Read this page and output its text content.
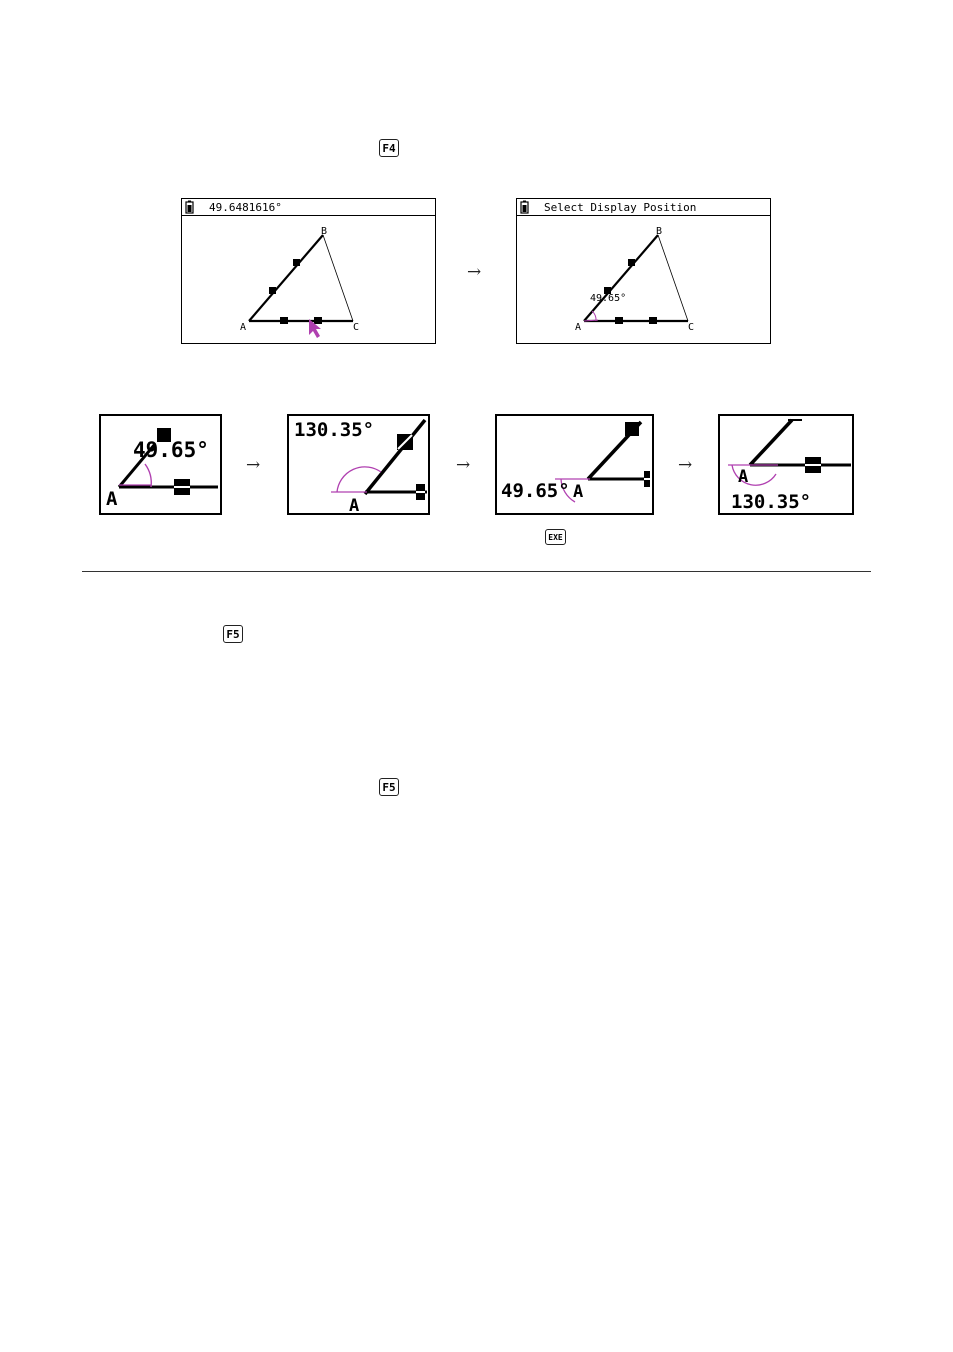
F4
49.6481616°
A
B
C
→
Select Display Position
49.65°
A
B
C
49.65°
A
→
130.35°
A
→
49.65° A
→
A
130.35°
EXE
F5
F5
